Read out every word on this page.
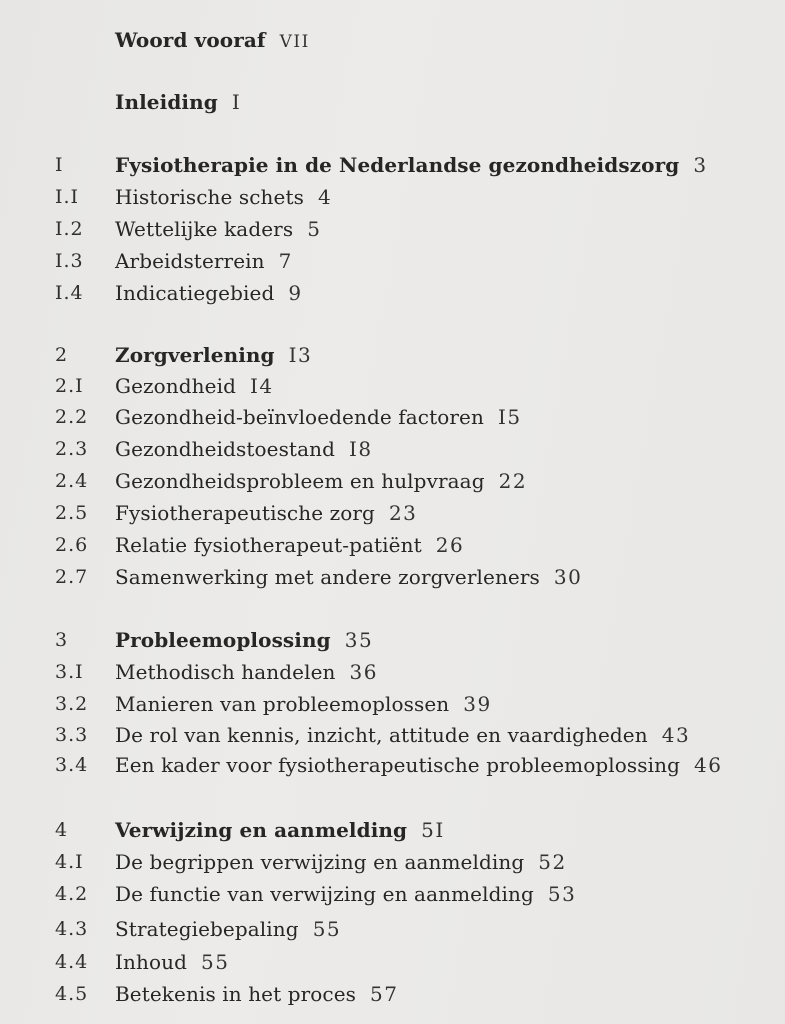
Woord vooraf VII
Inleiding I
I	Fysiotherapie in de Nederlandse gezondheidszorg 3
I.I Historische schets 4
I.2 Wettelijke kaders 5
I.3 Arbeidsterrein 7
I.4 Indicatiegebied 9
2 Zorgverlening I3
2.I Gezondheid I4
2.2 Gezondheid-beïnvloedende factoren I5
2.3 Gezondheidstoestand I8
2.4 Gezondheidsprobleem en hulpvraag 22
2.5 Fysiotherapeutische zorg 23
2.6 Relatie fysiotherapeut-patiënt 26
2.7 Samenwerking met andere zorgverleners 30
3 Probleemoplossing 35
3.I Methodisch handelen 36
3.2 Manieren van probleemoplossen 39
3.3 De rol van kennis, inzicht, attitude en vaardigheden 43
3.4 Een kader voor fysiotherapeutische probleemoplossing 46
4 Verwijzing en aanmelding 5I
4.I De begrippen verwijzing en aanmelding 52
4.2 De functie van verwijzing en aanmelding 53
4.3 Strategiebepaling 55
4.4 Inhoud 55
4.5 Betekenis in het proces 57
